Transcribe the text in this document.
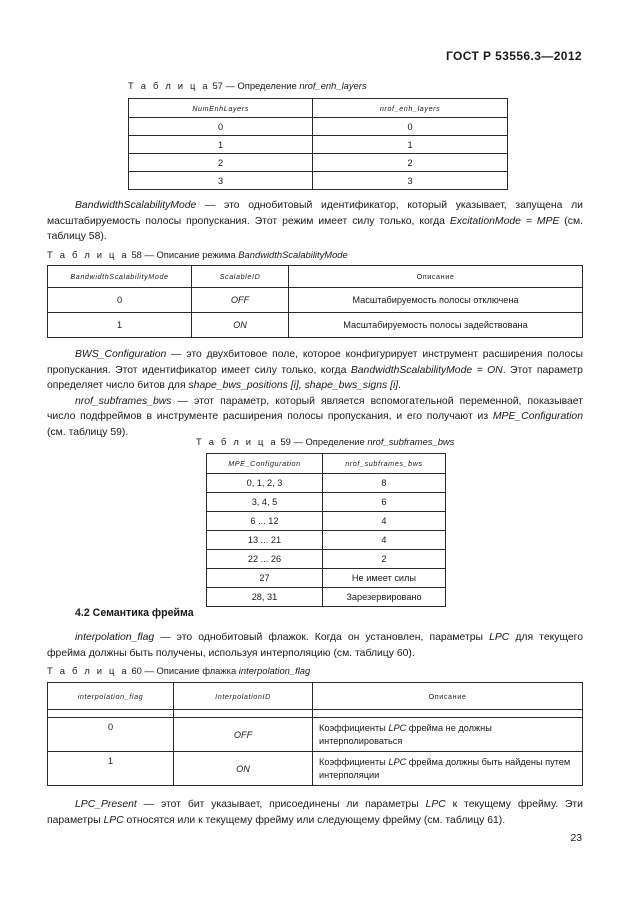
ГОСТ Р 53556.3—2012
Т а б л и ц а 57 — Определение nrof_enh_layers
NumEnhLayers	nrof_enh_layers
0	0
1	1
2	2
3	3

BandwidthScalabilityMode — это однобитовый идентификатор, который указывает, запущена ли масштабируемость полосы пропускания. Этот режим имеет силу только, когда ExcitationMode = MPE (см. таблицу 58).

Т а б л и ц а 58 — Описание режима BandwidthScalabilityMode
BandwidthScalabilityMode	ScalableID	Описание
0	OFF	Масштабируемость полосы отключена
1	ON	Масштабируемость полосы задействована

BWS_Configuration — это двухбитовое поле, которое конфигурирует инструмент расширения полосы пропускания. Этот идентификатор имеет силу только, когда BandwidthScalabilityMode = ON. Этот параметр определяет число битов для shape_bws_positions [i], shape_bws_signs [i].

nrof_subframes_bws — этот параметр, который является вспомогательной переменной, показывает число подфреймов в инструменте расширения полосы пропускания, и его получают из MPE_Configuration (см. таблицу 59).

Т а б л и ц а 59 — Определение nrof_subframes_bws
MPE_Configuration	nrof_subframes_bws
0, 1, 2, 3	8
3, 4, 5	6
6 ... 12	4
13 ... 21	4
22 ... 26	2
27	Не имеет силы
28, 31	Зарезервировано
4.2 Семантика фрейма

interpolation_flag — это однобитовый флажок. Когда он установлен, параметры LPC для текущего фрейма должны быть получены, используя интерполяцию (см. таблицу 60).

Т а б л и ц а 60 — Описание флажка interpolation_flag
interpolation_flag	InterpolationID	Описание

0	OFF	Коэффициенты LPC фрейма не должны интерполироваться
1	ON	Коэффициенты LPC фрейма должны быть найдены путем интерполяции

LPC_Present — этот бит указывает, присоединены ли параметры LPC к текущему фрейму. Эти параметры LPC относятся или к текущему фрейму или следующему фрейму (см. таблицу 61).

23
